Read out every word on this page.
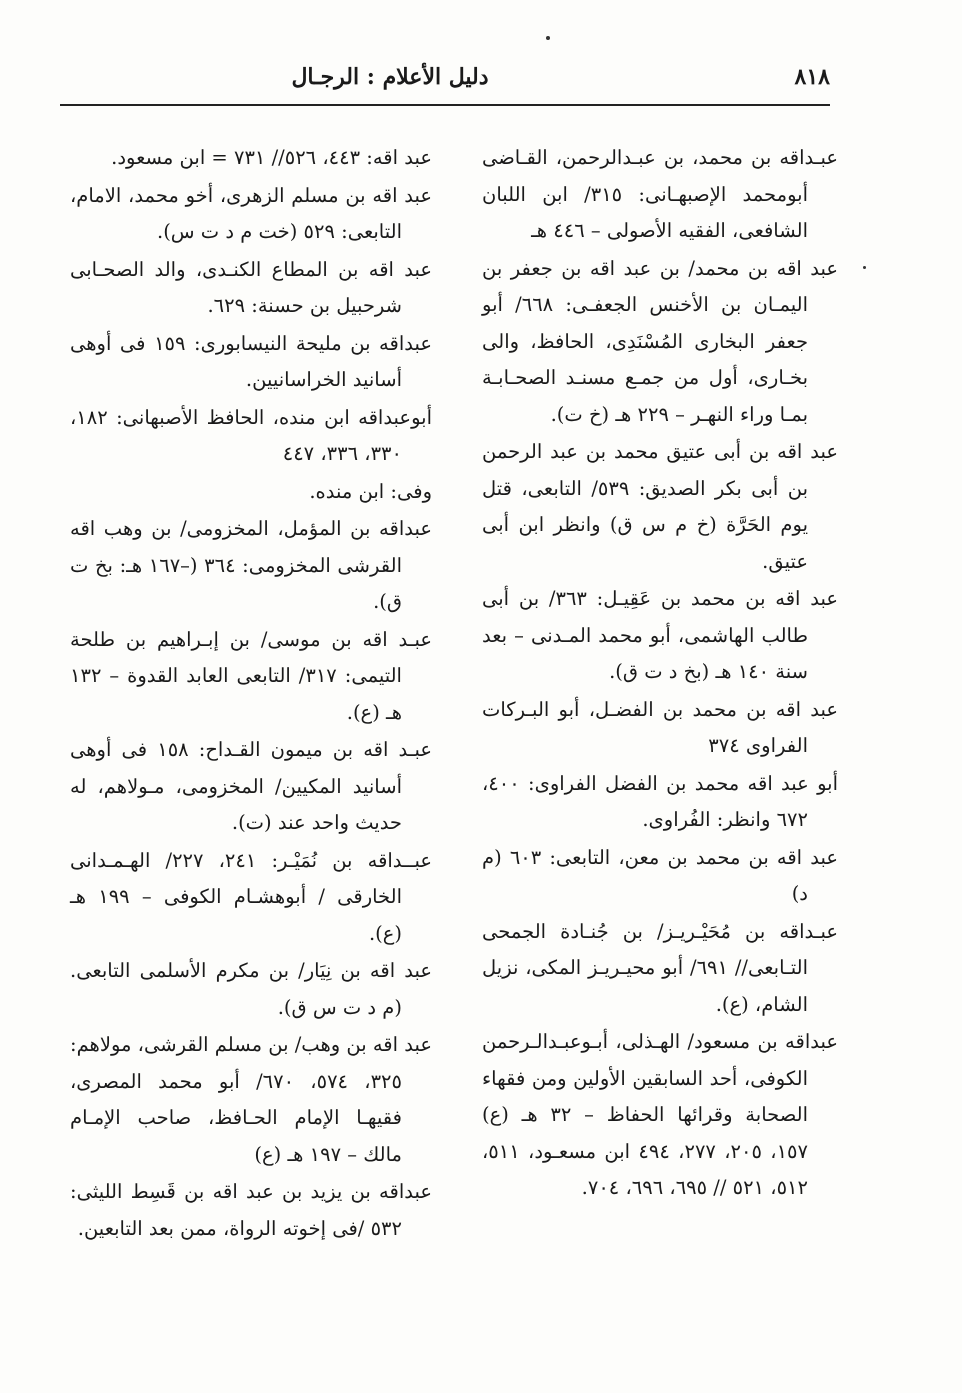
٨١٨
دليل الأعلام : الرجـال

عبـداقه بن محمد، بن عبـدالرحمن، القـاضى أبومحمد الإصبهـانى: ٣١٥/ ابن اللبان الشافعى، الفقيه الأصولى – ٤٤٦ هـ

عبد اقه بن محمد/ بن عبد اقه بن جعفر بن اليمـان بن الأخنس الجعفـى: ٦٦٨/ أبو جعفر البخارى المُسْنَدِى، الحافظ، والى بخـارى، أول من جمـع مسنـد الصحـابـة بمـا وراء النهـر – ٢٢٩ هـ (خ ت).

عبد اقه بن أبى عتيق محمد بن عبد الرحمن بن أبى بكر الصديق: ٥٣٩/ التابعى، قتل يوم الحَرَّة (خ م س ق) وانظر ابن أبى عتيق.

عبد اقه بن محمد بن عَقِيـل: ٣٦٣/ بن أبى طالب الهاشمى، أبو محمد المـدنى – بعد سنة ١٤٠ هـ (بخ د ت ق).

عبد اقه بن محمد بن الفضـل، أبو البـركات الفراوى ٣٧٤

أبو عبد اقه محمد بن الفضل الفراوى: ٤٠٠، ٦٧٢ وانظر: الفُراوى.

عبد اقه بن محمد بن معن، التابعى: ٦٠٣ (م د)

عبـداقه بن مُحَيْـريـز/ بن جُنـادة الجمحى التـابعى// ٦٩١/ أبو محيـريـز المكى، نزيل الشام، (ع).

عبداقه بن مسعود/ الهـذلى، أبـوعبـدالـرحمن الكوفى، أحد السابقين الأولين ومن فقهاء الصحابة وقرائها الحفاظ – ٣٢ هـ (ع) ١٥٧، ٢٠٥، ٢٧٧، ٤٩٤ ابن مسعـود، ٥١١، ٥١٢، ٥٢١ // ٦٩٥، ٦٩٦، ٧٠٤.

عبد اقه: ٤٤٣، ٥٢٦// ٧٣١ = ابن مسعود.

عبد اقه بن مسلم الزهرى، أخو محمد، الامام، التابعى: ٥٢٩ (خت م د ت س).

عبد اقه بن المطاع الكنـدى، والد الصحـابى شرحبيل بن حسنة: ٦٢٩.

عبداقه بن مليحة النيسابورى: ١٥٩ فى أوهى أسانيد الخراسانيين.

أبوعبداقه ابن منده، الحافظ الأصبهانى: ١٨٢، ٣٣٠، ٣٣٦، ٤٤٧

وفى: ابن منده.

عبداقه بن المؤمل، المخزومى/ بن وهب اقه القرشى المخزومى: ٣٦٤ (–١٦٧ هـ: بخ ت ق).

عبـد اقه بن موسى/ بن إبـراهيم بن طلحة التيمى: ٣١٧/ التابعى العابد القدوة – ١٣٢ هـ (ع).

عبـد اقه بن ميمون القـداح: ١٥٨ فى أوهى أسانيد المكيين/ المخزومى، مـولاهم، له حديث واحد عند (ت).

عبــداقه بن نُمَيْـر: ٢٤١، ٢٢٧/ الهـمـدانى الخارقى / أبوهشـام الكوفى – ١٩٩ هـ (ع).

عبد اقه بن نِيَار/ بن مكرم الأسلمى التابعى. (م د ت س ق).

عبد اقه بن وهب/ بن مسلم القرشى، مولاهم: ٣٢٥، ٥٧٤، ٦٧٠/ أبو محمد المصرى، فقيهـا الإمام الحـافظ، صاحب الإمـام مالك – ١٩٧ هـ (ع)

عبداقه بن يزيد بن عبد اقه بن قَسِط الليثى: ٥٣٢ /فى إخوته الرواة، ممن بعد التابعين.
